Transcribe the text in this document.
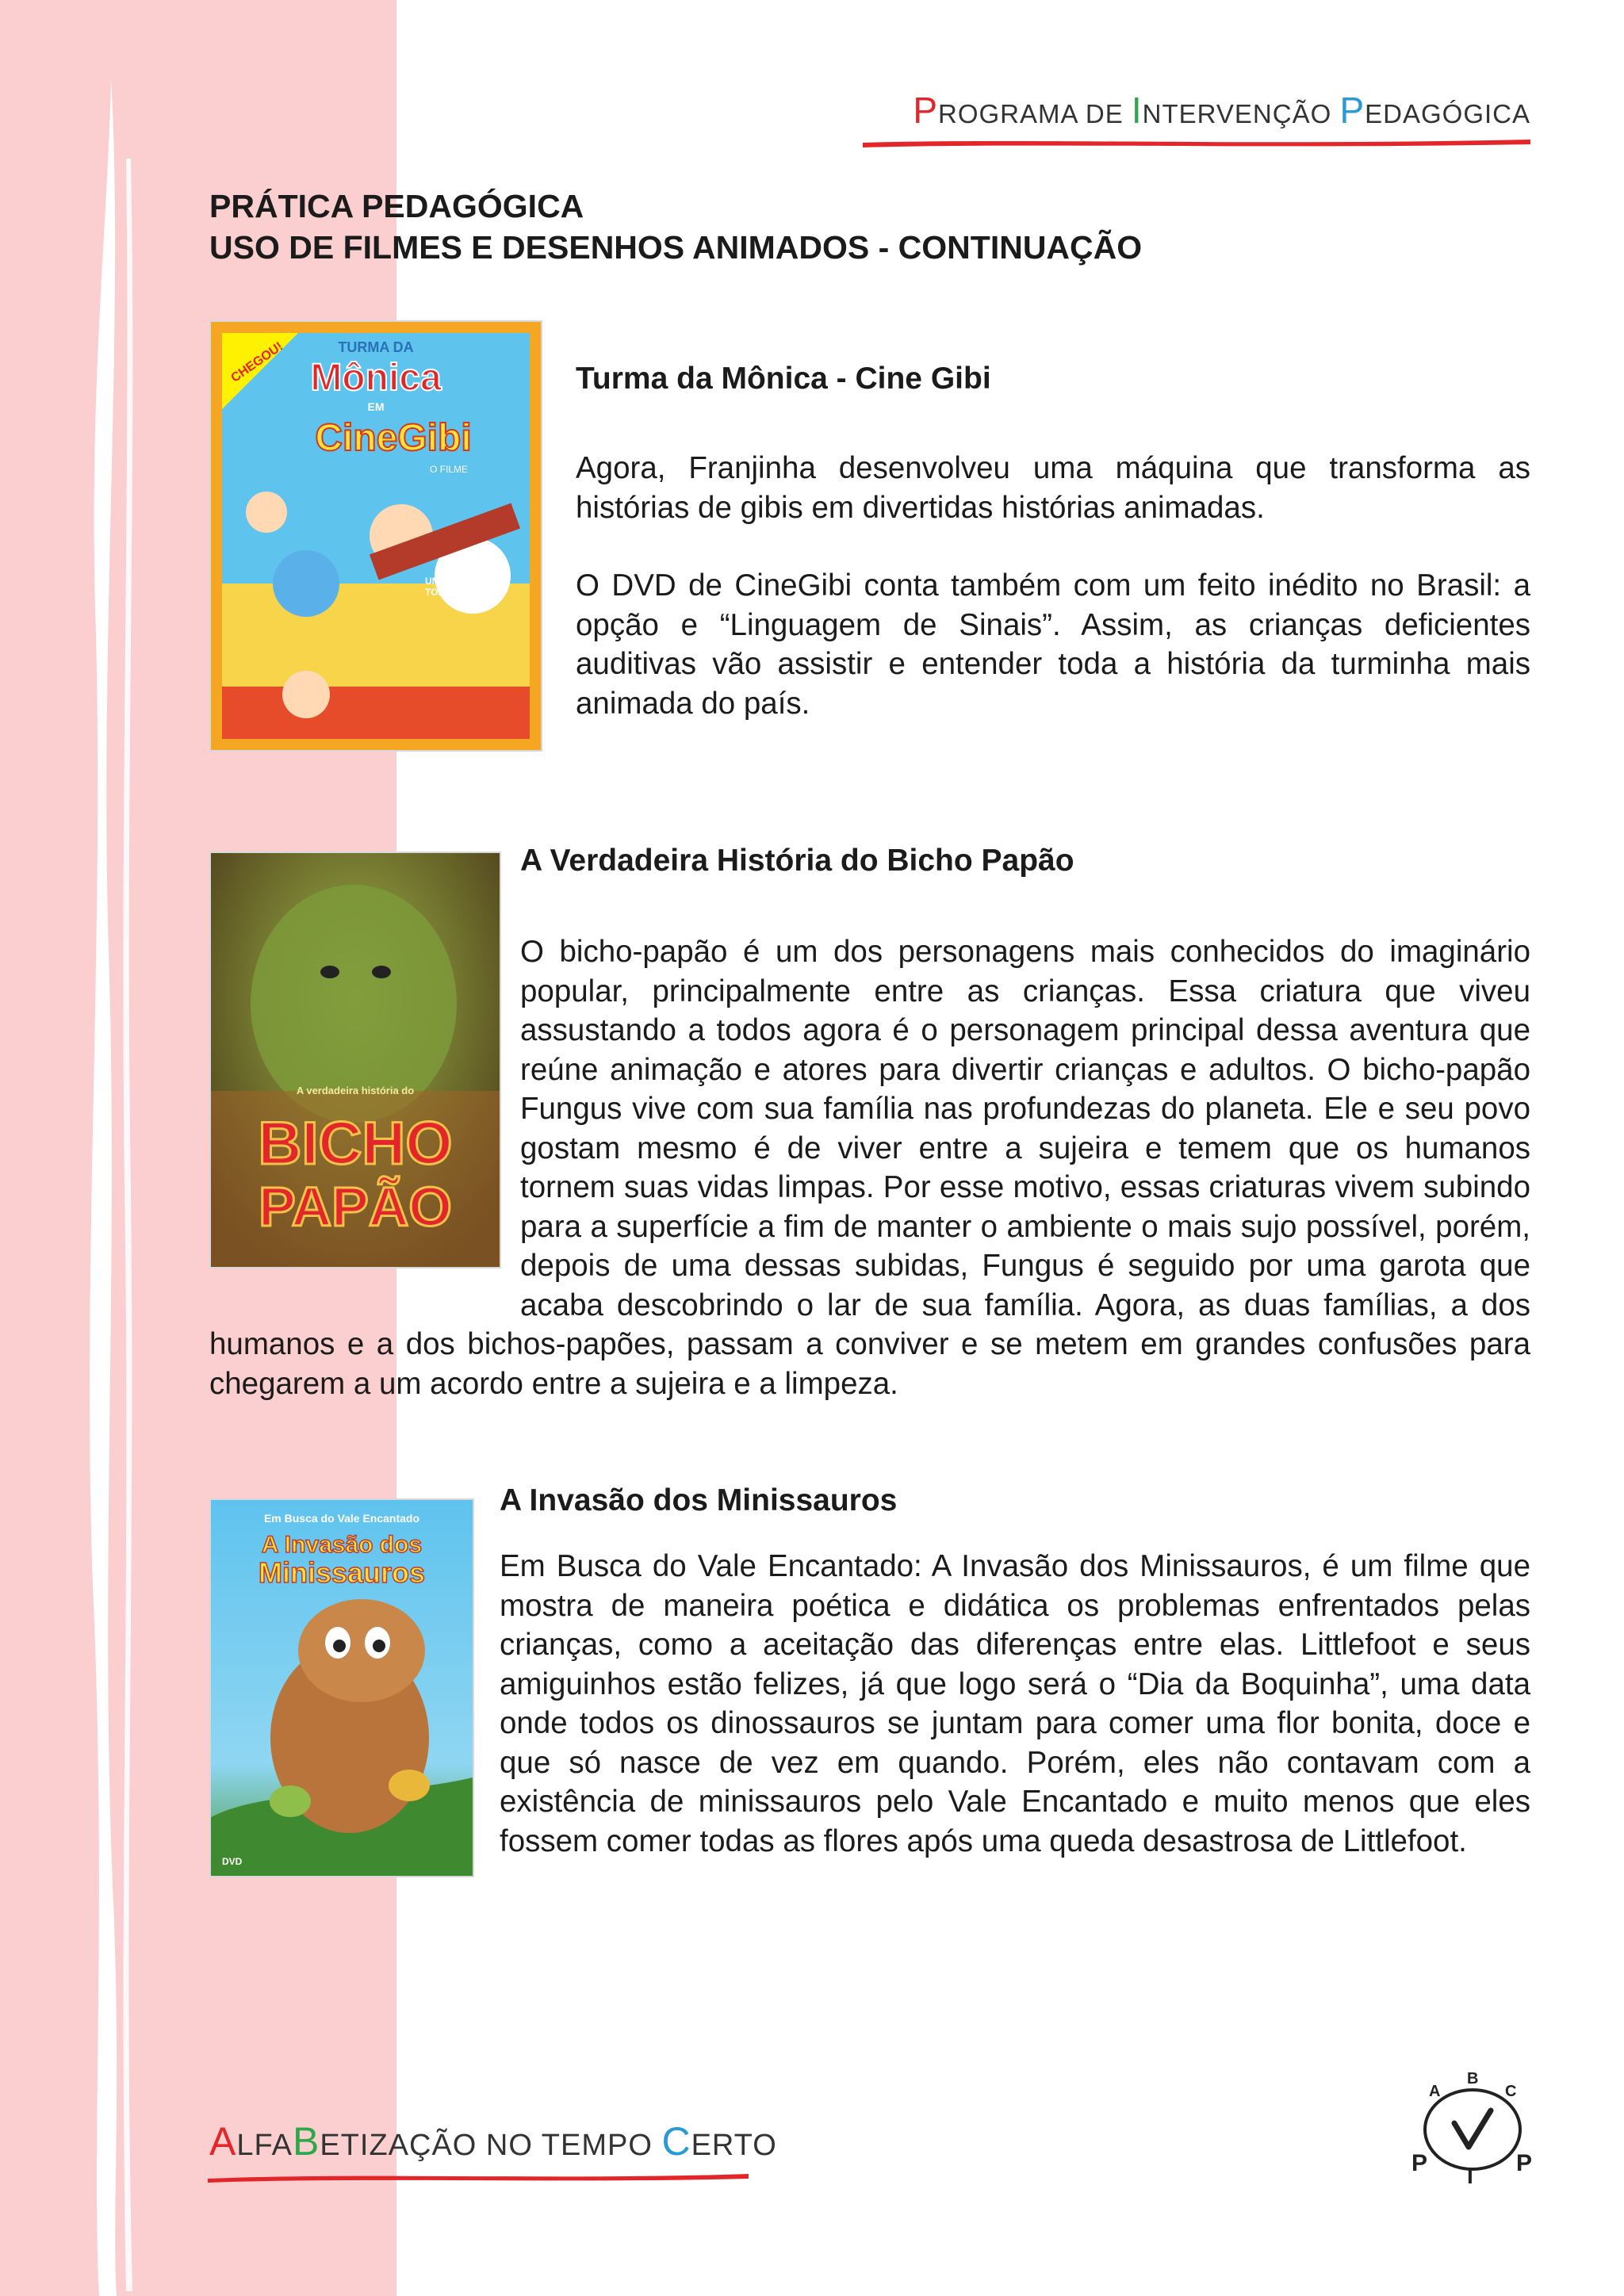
PROGRAMA DE INTERVENÇÃO PEDAGÓGICA
PRÁTICA PEDAGÓGICA
USO DE FILMES E DESENHOS ANIMADOS - CONTINUAÇÃO
CHEGOU!	TURMA DA
Mônica
EM
CineGibi
O FILME
UM FILME PARA TODA A FAMÍLIA
Turma da Mônica - Cine Gibi

Agora, Franjinha desenvolveu uma máquina que transforma as histórias de gibis em divertidas histórias animadas.

O DVD de CineGibi conta também com um feito inédito no Brasil: a opção e “Linguagem de Sinais”. Assim, as crianças deficientes auditivas vão assistir e entender toda a história da turminha mais animada do país.

A verdadeira história do
BICHO
PAPÃO
A Verdadeira História do Bicho Papão
O bicho-papão é um dos personagens mais conhecidos do imaginário popular, principalmente entre as crianças. Essa criatura que viveu assustando a todos agora é o personagem principal dessa aventura que reúne animação e atores para divertir crianças e adultos. O bicho-papão Fungus vive com sua família nas profundezas do planeta. Ele e seu povo gostam mesmo é de viver entre a sujeira e temem que os humanos tornem suas vidas limpas. Por esse motivo, essas criaturas vivem subindo para a superfície a fim de manter o ambiente o mais sujo possível, porém, depois de uma dessas subidas, Fungus é seguido por uma garota que acaba descobrindo o lar de sua família. Agora, as duas famílias, a dos humanos e a dos bichos-papões, passam a conviver e se metem em grandes confusões para chegarem a um acordo entre a sujeira e a limpeza.
Em Busca do Vale Encantado
A Invasão dos
Minissauros
DVD
A Invasão dos Minissauros

Em Busca do Vale Encantado: A Invasão dos Minissauros, é um filme que mostra de maneira poética e didática os problemas enfrentados pelas crianças, como a aceitação das diferenças entre elas. Littlefoot e seus amiguinhos estão felizes, já que logo será o “Dia da Boquinha”, uma data onde todos os dinossauros se juntam para comer uma flor bonita, doce e que só nasce de vez em quando. Porém, eles não contavam com a existência de minissauros pelo Vale Encantado e muito menos que eles fossem comer todas as flores após uma queda desastrosa de Littlefoot.

ALFABETIZAÇÃO NO TEMPO CERTO
A
B
C
P I P
